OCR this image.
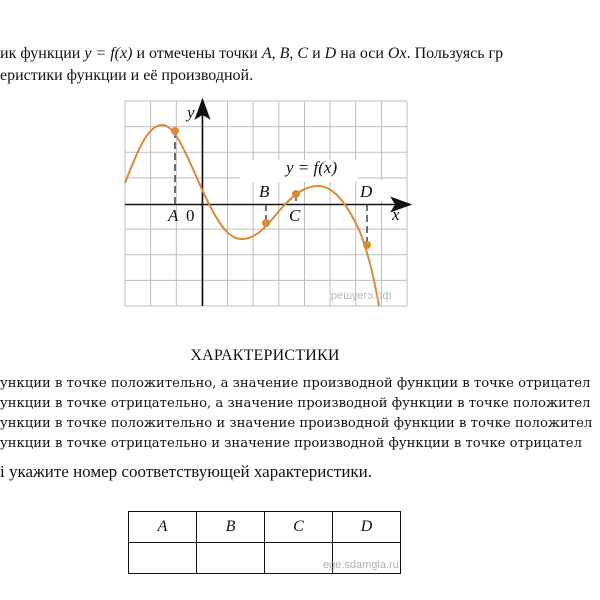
ик функции y = f(x) и отмечены точки A, B, C и D на оси Ox. Пользуясь гр
еристики функции и её производной.
y
x
A
B
C
D
y = f(x)
0
решуегэ.рф
ХАРАКТЕРИСТИКИ
ункции в точке положительно, а значение производной функции в точке отрицател
ункции в точке отрицательно, а значение производной функции в точке положител
ункции в точке положительно и значение производной функции в точке положител
ункции в точке отрицательно и значение производной функции в точке отрицател
і укажите номер соответствующей характеристики.
A	B	C	D

ege.sdamgia.ru
